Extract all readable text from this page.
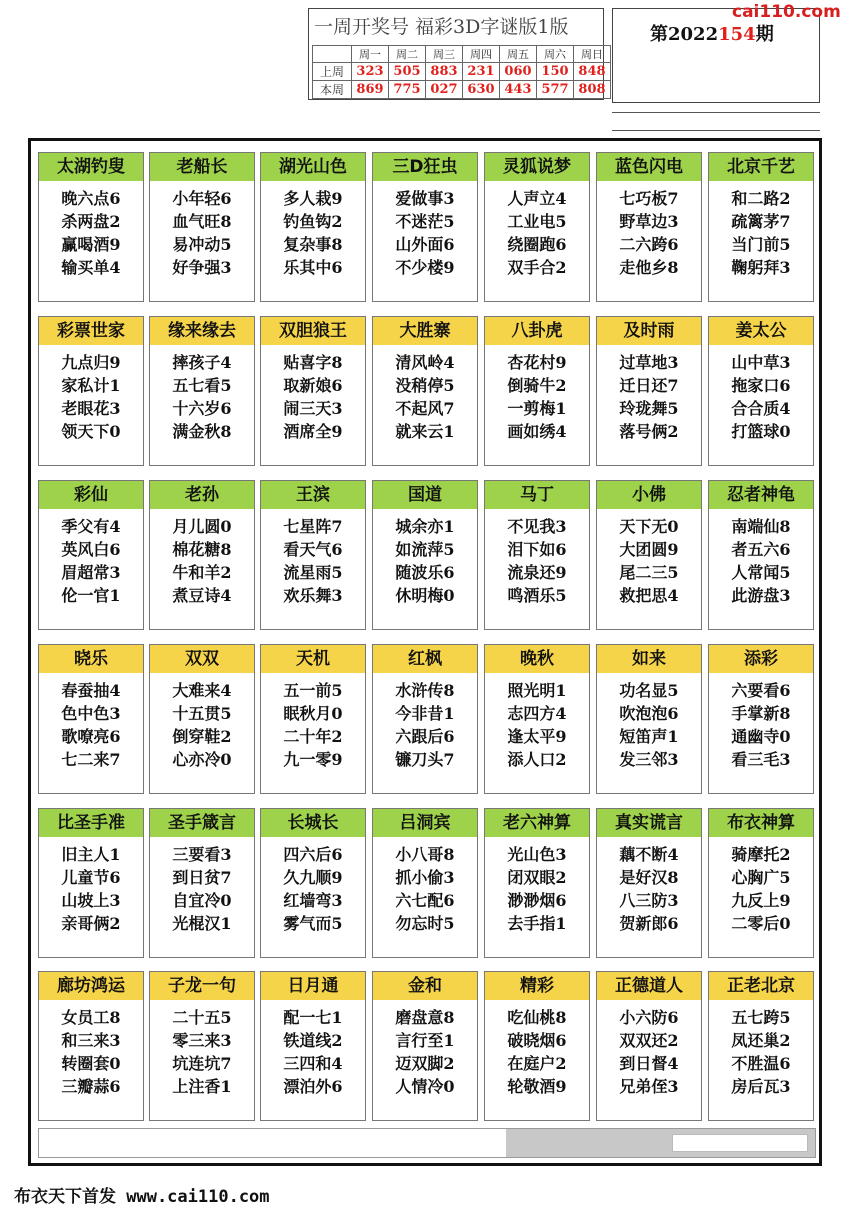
一周开奖号 福彩3D字谜版1版
	周一	周二	周三	周四	周五	周六	周日
上周	323	505	883	231	060	150	848
本周	869	775	027	630	443	577	808
第2022154期
cai110.com
太湖钓叟
晚六点6
杀两盘2
赢喝酒9
输买单4
老船长
小年轻6
血气旺8
易冲动5
好争强3
湖光山色
多人栽9
钓鱼钩2
复杂事8
乐其中6
三D狂虫
爱做事3
不迷茫5
山外面6
不少楼9
灵狐说梦
人声立4
工业电5
绕圈跑6
双手合2
蓝色闪电
七巧板7
野草边3
二六跨6
走他乡8
北京千艺
和二路2
疏篱茅7
当门前5
鞠躬拜3
彩票世家
九点归9
家私计1
老眼花3
领天下0
缘来缘去
摔孩子4
五七看5
十六岁6
满金秋8
双胆狼王
贴喜字8
取新娘6
闹三天3
酒席全9
大胜寨
清风岭4
没稍停5
不起风7
就来云1
八卦虎
杏花村9
倒骑牛2
一剪梅1
画如绣4
及时雨
过草地3
迁日还7
玲珑舞5
落号俩2
姜太公
山中草3
拖家口6
合合质4
打篮球0
彩仙
季父有4
英风白6
眉超常3
伦一官1
老孙
月儿圆0
棉花糖8
牛和羊2
煮豆诗4
王滨
七星阵7
看天气6
流星雨5
欢乐舞3
国道
城余亦1
如流萍5
随波乐6
休明梅0
马丁
不见我3
泪下如6
流泉还9
鸣酒乐5
小佛
天下无0
大团圆9
尾二三5
救把思4
忍者神龟
南端仙8
者五六6
人常闻5
此游盘3
晓乐
春蚕抽4
色中色3
歌嘹亮6
七二来7
双双
大难来4
十五贯5
倒穿鞋2
心亦冷0
天机
五一前5
眠秋月0
二十年2
九一零9
红枫
水浒传8
今非昔1
六跟后6
镰刀头7
晚秋
照光明1
志四方4
逢太平9
添人口2
如来
功名显5
吹泡泡6
短笛声1
发三邻3
添彩
六要看6
手掌新8
通幽寺0
看三毛3
比圣手准
旧主人1
儿童节6
山坡上3
亲哥俩2
圣手箴言
三要看3
到日贫7
自宜冷0
光棍汉1
长城长
四六后6
久九顺9
红墙弯3
雾气而5
吕洞宾
小八哥8
抓小偷3
六七配6
勿忘时5
老六神算
光山色3
闭双眼2
渺渺烟6
去手指1
真实谎言
藕不断4
是好汉8
八三防3
贺新郎6
布衣神算
骑摩托2
心胸广5
九反上9
二零后0
廊坊鸿运
女员工8
和三来3
转圈套0
三瓣蒜6
子龙一句
二十五5
零三来3
坑连坑7
上注香1
日月通
配一七1
铁道线2
三四和4
漂泊外6
金和
磨盘意8
言行至1
迈双脚2
人情冷0
精彩
吃仙桃8
破晓烟6
在庭户2
轮敬酒9
正德道人
小六防6
双双还2
到日督4
兄弟侄3
正老北京
五七跨5
凤还巢2
不胜温6
房后瓦3
布衣天下首发 www.cai110.com
